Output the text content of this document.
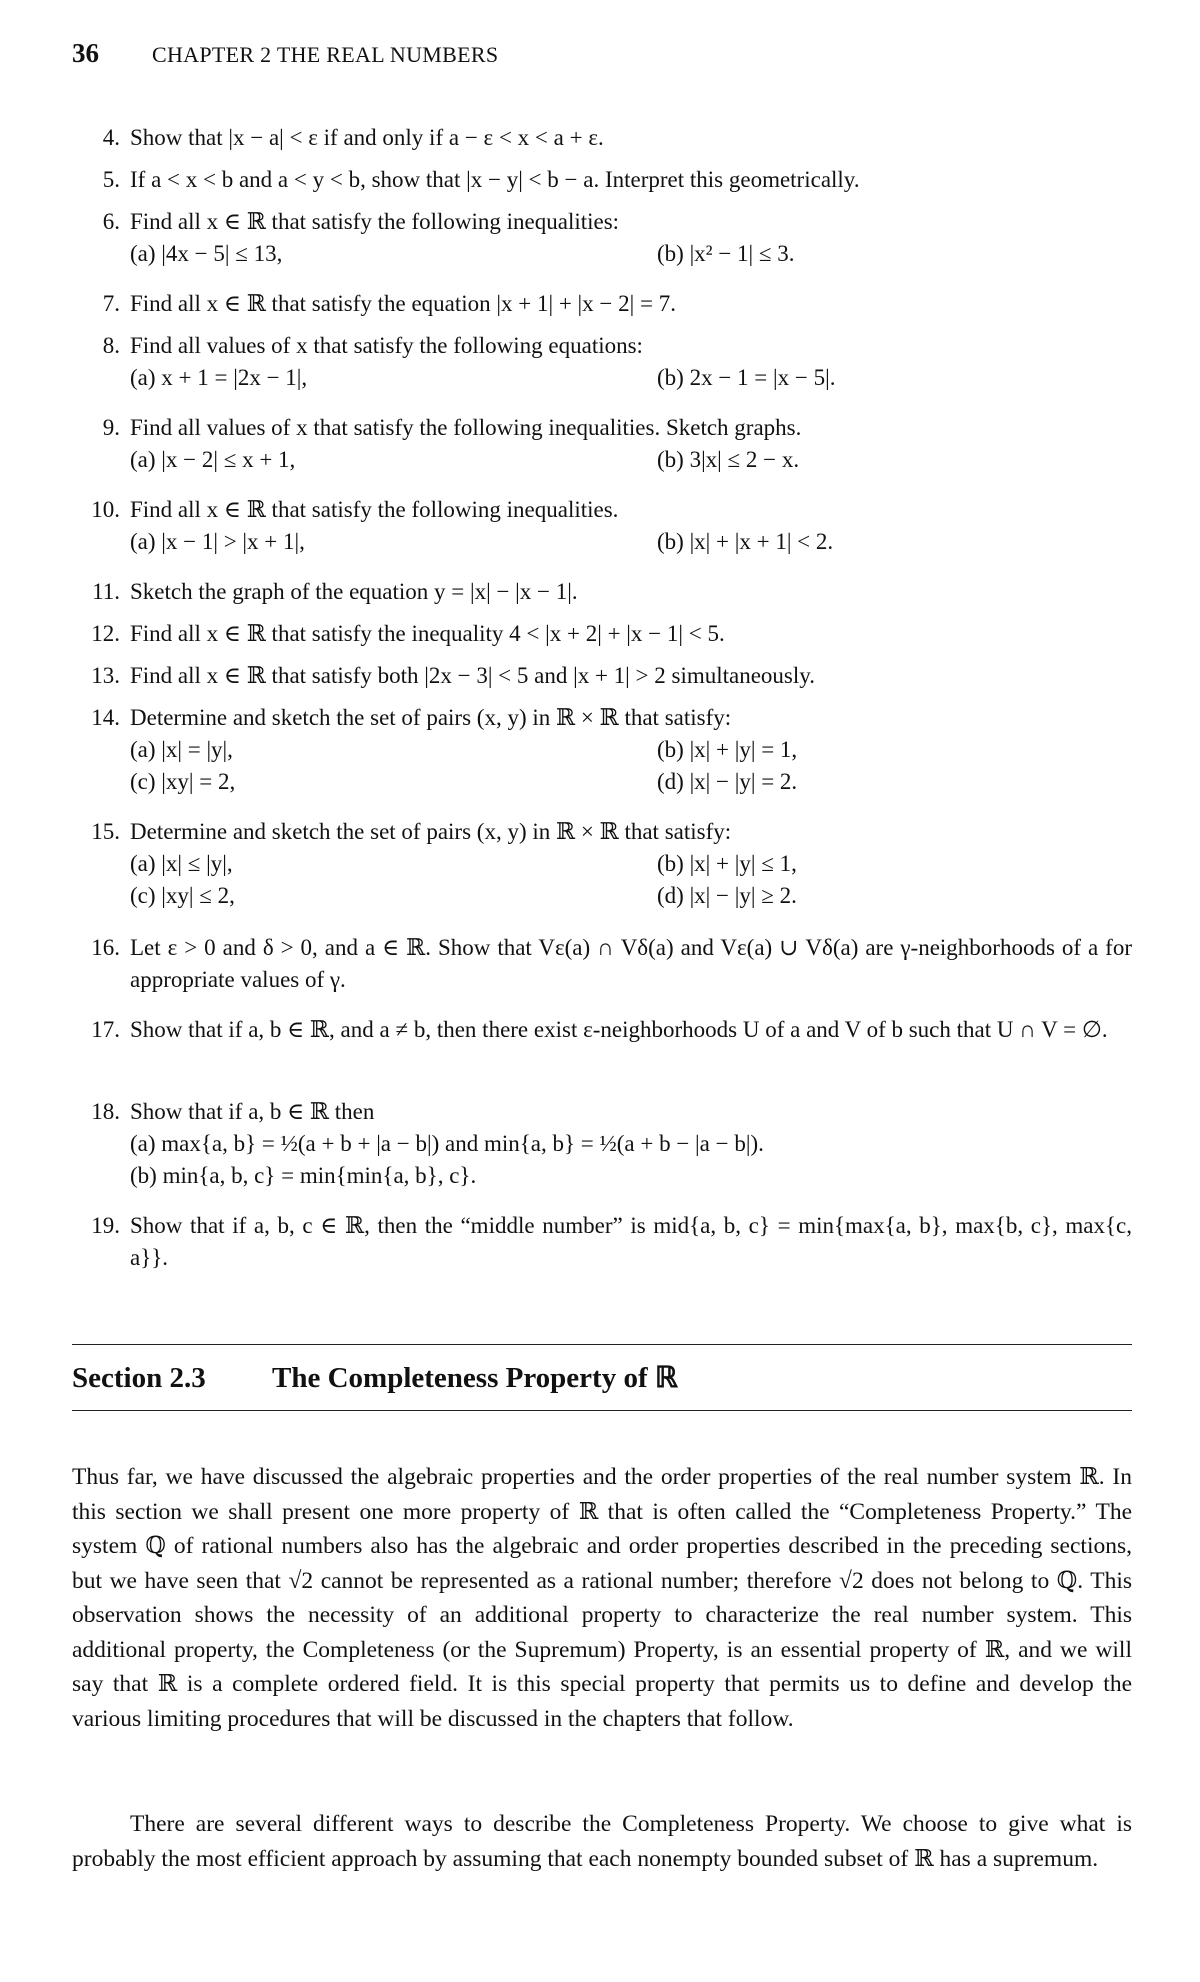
36 CHAPTER 2 THE REAL NUMBERS
4. Show that |x − a| < ε if and only if a − ε < x < a + ε.
5. If a < x < b and a < y < b, show that |x − y| < b − a. Interpret this geometrically.
6. Find all x ∈ ℝ that satisfy the following inequalities:
(a) |4x − 5| ≤ 13,	(b) |x² − 1| ≤ 3.
7. Find all x ∈ ℝ that satisfy the equation |x + 1| + |x − 2| = 7.
8. Find all values of x that satisfy the following equations:
(a) x + 1 = |2x − 1|,	(b) 2x − 1 = |x − 5|.
9. Find all values of x that satisfy the following inequalities. Sketch graphs.
(a) |x − 2| ≤ x + 1,	(b) 3|x| ≤ 2 − x.
10. Find all x ∈ ℝ that satisfy the following inequalities.
(a) |x − 1| > |x + 1|,	(b) |x| + |x + 1| < 2.
11. Sketch the graph of the equation y = |x| − |x − 1|.
12. Find all x ∈ ℝ that satisfy the inequality 4 < |x + 2| + |x − 1| < 5.
13. Find all x ∈ ℝ that satisfy both |2x − 3| < 5 and |x + 1| > 2 simultaneously.
14. Determine and sketch the set of pairs (x, y) in ℝ × ℝ that satisfy:
(a) |x| = |y|,	(b) |x| + |y| = 1,
(c) |xy| = 2,	(d) |x| − |y| = 2.
15. Determine and sketch the set of pairs (x, y) in ℝ × ℝ that satisfy:
(a) |x| ≤ |y|,	(b) |x| + |y| ≤ 1,
(c) |xy| ≤ 2,	(d) |x| − |y| ≥ 2.
16. Let ε > 0 and δ > 0, and a ∈ ℝ. Show that Vε(a) ∩ Vδ(a) and Vε(a) ∪ Vδ(a) are γ-neighborhoods of a for appropriate values of γ.
17. Show that if a, b ∈ ℝ, and a ≠ b, then there exist ε-neighborhoods U of a and V of b such that U ∩ V = ∅.
18. Show that if a, b ∈ ℝ then
(a) max{a, b} = ½(a + b + |a − b|) and min{a, b} = ½(a + b − |a − b|).
(b) min{a, b, c} = min{min{a, b}, c}.
19. Show that if a, b, c ∈ ℝ, then the “middle number” is mid{a, b, c} = min{max{a, b}, max{b, c}, max{c, a}}.
Section 2.3 The Completeness Property of ℝ
Thus far, we have discussed the algebraic properties and the order properties of the real number system ℝ. In this section we shall present one more property of ℝ that is often called the “Completeness Property.” The system ℚ of rational numbers also has the algebraic and order properties described in the preceding sections, but we have seen that √2 cannot be represented as a rational number; therefore √2 does not belong to ℚ. This observation shows the necessity of an additional property to characterize the real number system. This additional property, the Completeness (or the Supremum) Property, is an essential property of ℝ, and we will say that ℝ is a complete ordered field. It is this special property that permits us to define and develop the various limiting procedures that will be discussed in the chapters that follow.
There are several different ways to describe the Completeness Property. We choose to give what is probably the most efficient approach by assuming that each nonempty bounded subset of ℝ has a supremum.
